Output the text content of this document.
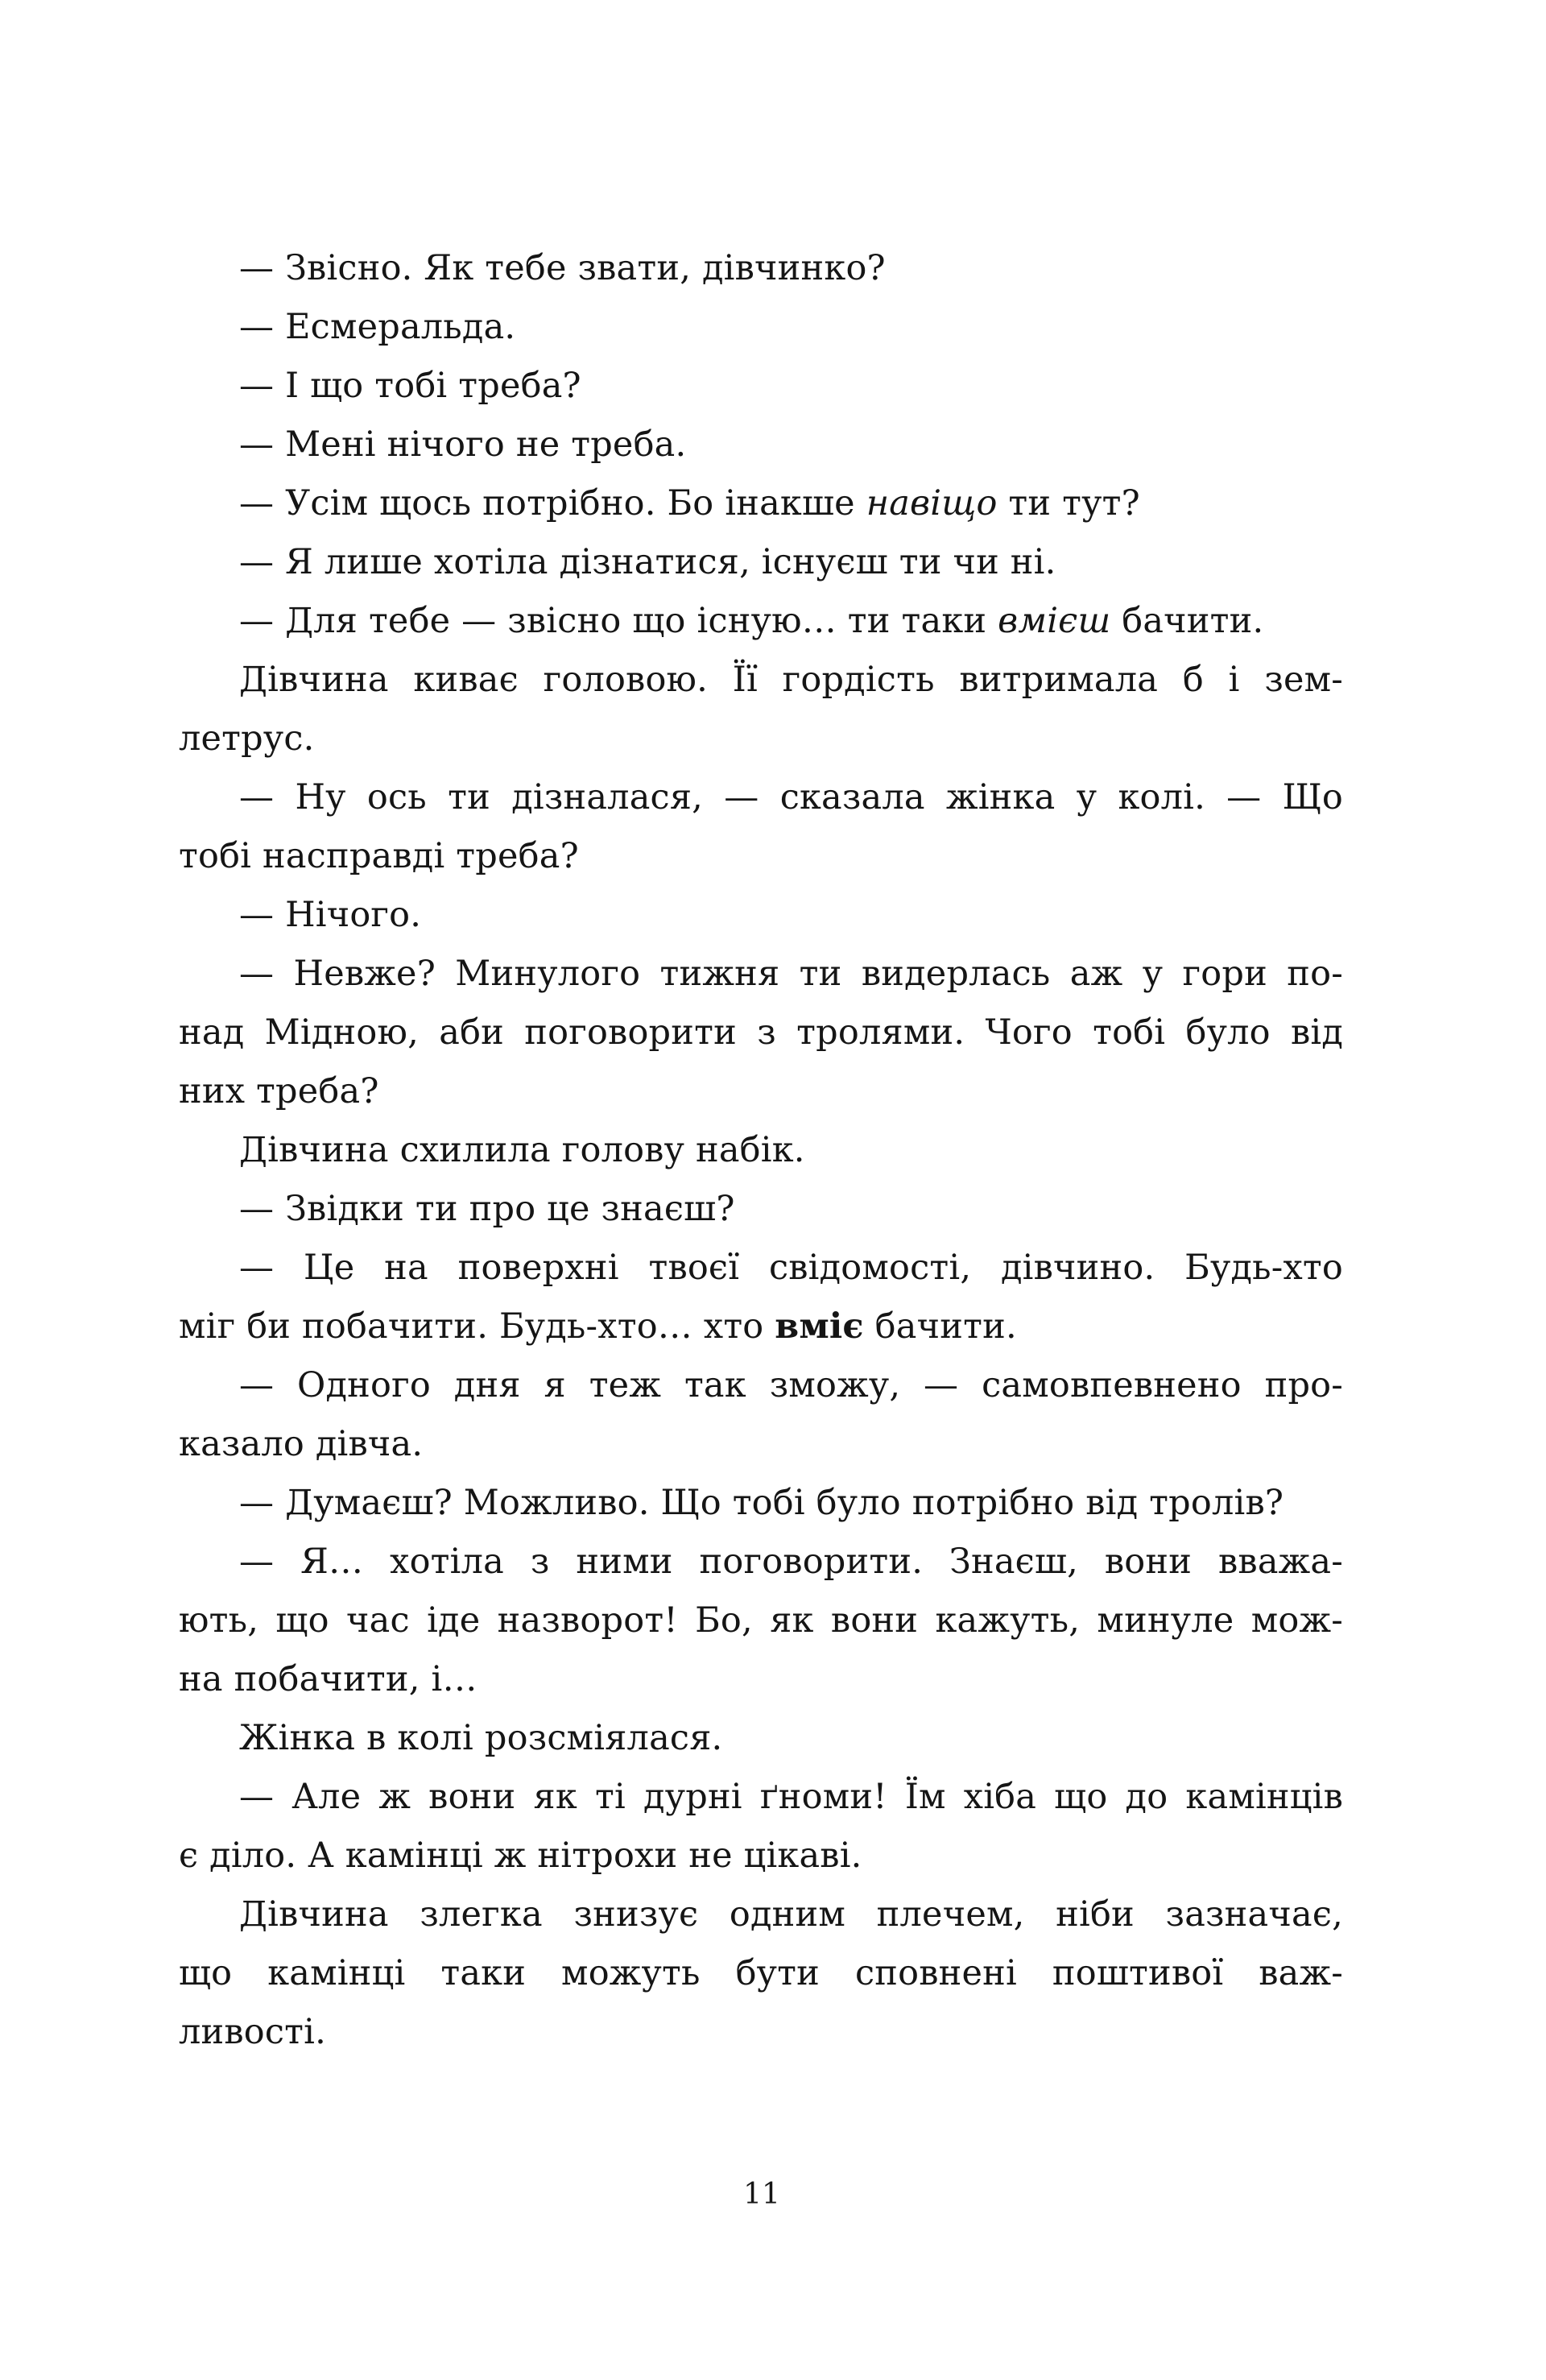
— Звісно. Як тебе звати, дівчинко?
— Есмеральда.
— І що тобі треба?
— Мені нічого не треба.
— Усім щось потрібно. Бо інакше навіщо ти тут?
— Я лише хотіла дізнатися, існуєш ти чи ні.
— Для тебе — звісно що існую… ти таки вмієш бачити.
Дівчина киває головою. Її гордість витримала б і зем-
летрус.
— Ну ось ти дізналася, — сказала жінка у колі. — Що
тобі насправді треба?
— Нічого.
— Невже? Минулого тижня ти видерлась аж у гори по-
над Мідною, аби поговорити з тролями. Чого тобі було від
них треба?
Дівчина схилила голову набік.
— Звідки ти про це знаєш?
— Це на поверхні твоєї свідомості, дівчино. Будь-хто
міг би побачити. Будь-хто… хто вміє бачити.
— Одного дня я теж так зможу, — самовпевнено про-
казало дівча.
— Думаєш? Можливо. Що тобі було потрібно від тролів?
— Я… хотіла з ними поговорити. Знаєш, вони вважа-
ють, що час іде назворот! Бо, як вони кажуть, минуле мож-
на побачити, і…
Жінка в колі розсміялася.
— Але ж вони як ті дурні ґноми! Їм хіба що до камінців
є діло. А камінці ж нітрохи не цікаві.
Дівчина злегка знизує одним плечем, ніби зазначає,
що камінці таки можуть бути сповнені поштивої важ-
ливості.
11
